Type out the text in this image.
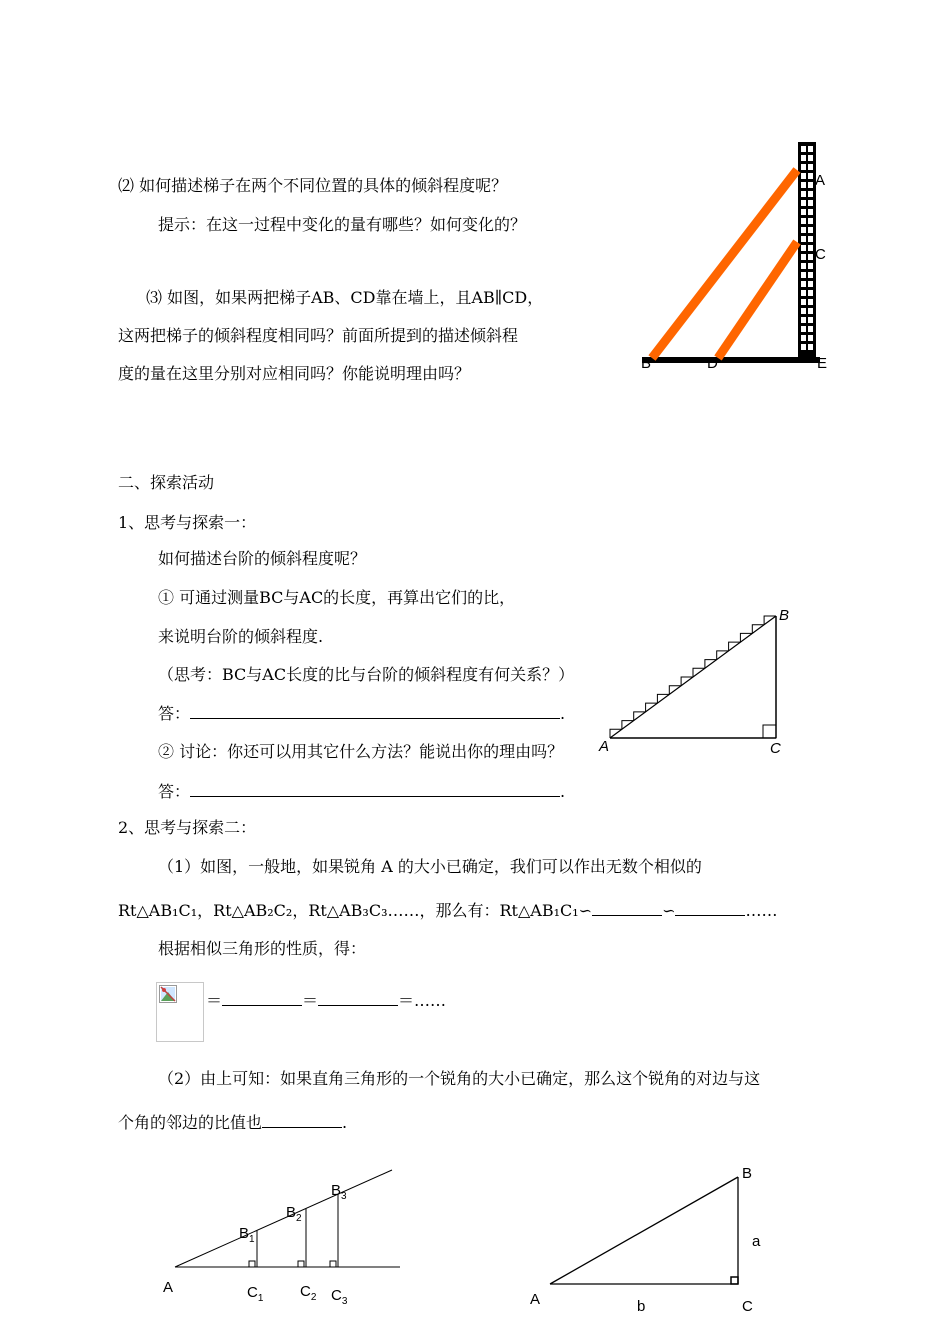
⑵ 如何描述梯子在两个不同位置的具体的倾斜程度呢？
提示：在这一过程中变化的量有哪些？如何变化的？
⑶ 如图，如果两把梯子AB、CD靠在墙上，且AB∥CD，
这两把梯子的倾斜程度相同吗？前面所提到的描述倾斜程
度的量在这里分别对应相同吗？你能说明理由吗？
A
C
B	D	E
二、探索活动
1、思考与探索一：
如何描述台阶的倾斜程度呢？
① 可通过测量BC与AC的长度，再算出它们的比，
来说明台阶的倾斜程度.
（思考：BC与AC长度的比与台阶的倾斜程度有何关系？）
答：	.
② 讨论：你还可以用其它什么方法？能说出你的理由吗？
答：	.
A
B
C
2、思考与探索二：
（1）如图，一般地，如果锐角 A 的大小已确定，我们可以作出无数个相似的
Rt△AB₁C₁，Rt△AB₂C₂，Rt△AB₃C₃……，那么有：Rt△AB₁C₁∽	∽	……
根据相似三角形的性质，得：
＝	＝	＝……
（2）由上可知：如果直角三角形的一个锐角的大小已确定，那么这个锐角的对边与这
个角的邻边的比值也	.
A
$B_1$
$B_2$
$B_3$
$C_1$ $C_2$ $C_3$	A
B
C
a
b
